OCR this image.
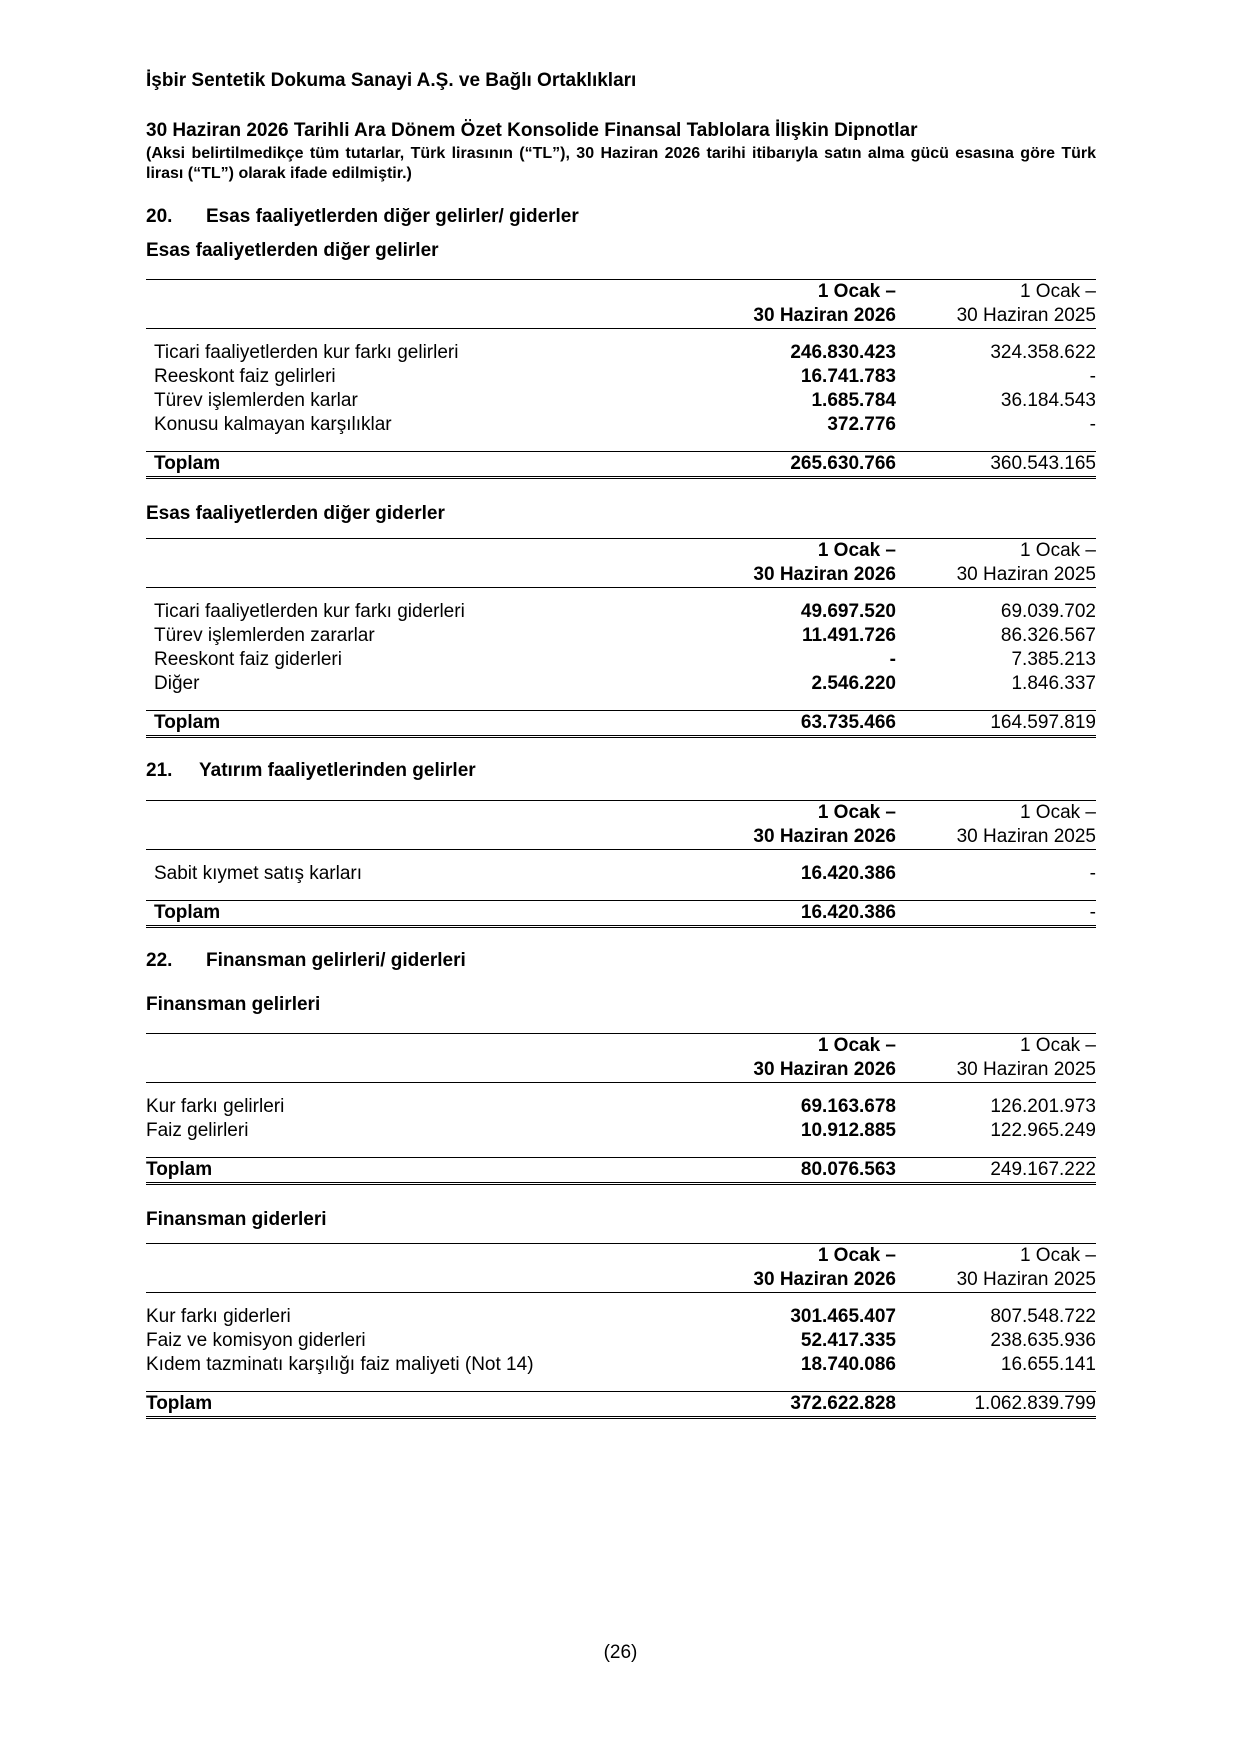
İşbir Sentetik Dokuma Sanayi A.Ş. ve Bağlı Ortaklıkları

30 Haziran 2026 Tarihli Ara Dönem Özet Konsolide Finansal Tablolara İlişkin Dipnotlar

(Aksi belirtilmedikçe tüm tutarlar, Türk lirasının (“TL”), 30 Haziran 2026 tarihi itibarıyla satın alma gücü esasına göre Türk lirası (“TL”) olarak ifade edilmiştir.)

20. Esas faaliyetlerden diğer gelirler/ giderler

Esas faaliyetlerden diğer gelirler

	1 Ocak –	1 Ocak –
	30 Haziran 2026	30 Haziran 2025

Ticari faaliyetlerden kur farkı gelirleri	246.830.423	324.358.622
Reeskont faiz gelirleri	16.741.783	-
Türev işlemlerden karlar	1.685.784	36.184.543
Konusu kalmayan karşılıklar	372.776	-

Toplam	265.630.766	360.543.165

Esas faaliyetlerden diğer giderler

	1 Ocak –	1 Ocak –
	30 Haziran 2026	30 Haziran 2025

Ticari faaliyetlerden kur farkı giderleri	49.697.520	69.039.702
Türev işlemlerden zararlar	11.491.726	86.326.567
Reeskont faiz giderleri	-	7.385.213
Diğer	2.546.220	1.846.337

Toplam	63.735.466	164.597.819

21. Yatırım faaliyetlerinden gelirler

	1 Ocak –	1 Ocak –
	30 Haziran 2026	30 Haziran 2025

Sabit kıymet satış karları	16.420.386	-

Toplam	16.420.386	-

22. Finansman gelirleri/ giderleri

Finansman gelirleri

	1 Ocak –	1 Ocak –
	30 Haziran 2026	30 Haziran 2025

Kur farkı gelirleri	69.163.678	126.201.973
Faiz gelirleri	10.912.885	122.965.249

Toplam	80.076.563	249.167.222

Finansman giderleri

	1 Ocak –	1 Ocak –
	30 Haziran 2026	30 Haziran 2025

Kur farkı giderleri	301.465.407	807.548.722
Faiz ve komisyon giderleri	52.417.335	238.635.936
Kıdem tazminatı karşılığı faiz maliyeti (Not 14)	18.740.086	16.655.141

Toplam	372.622.828	1.062.839.799
(26)
